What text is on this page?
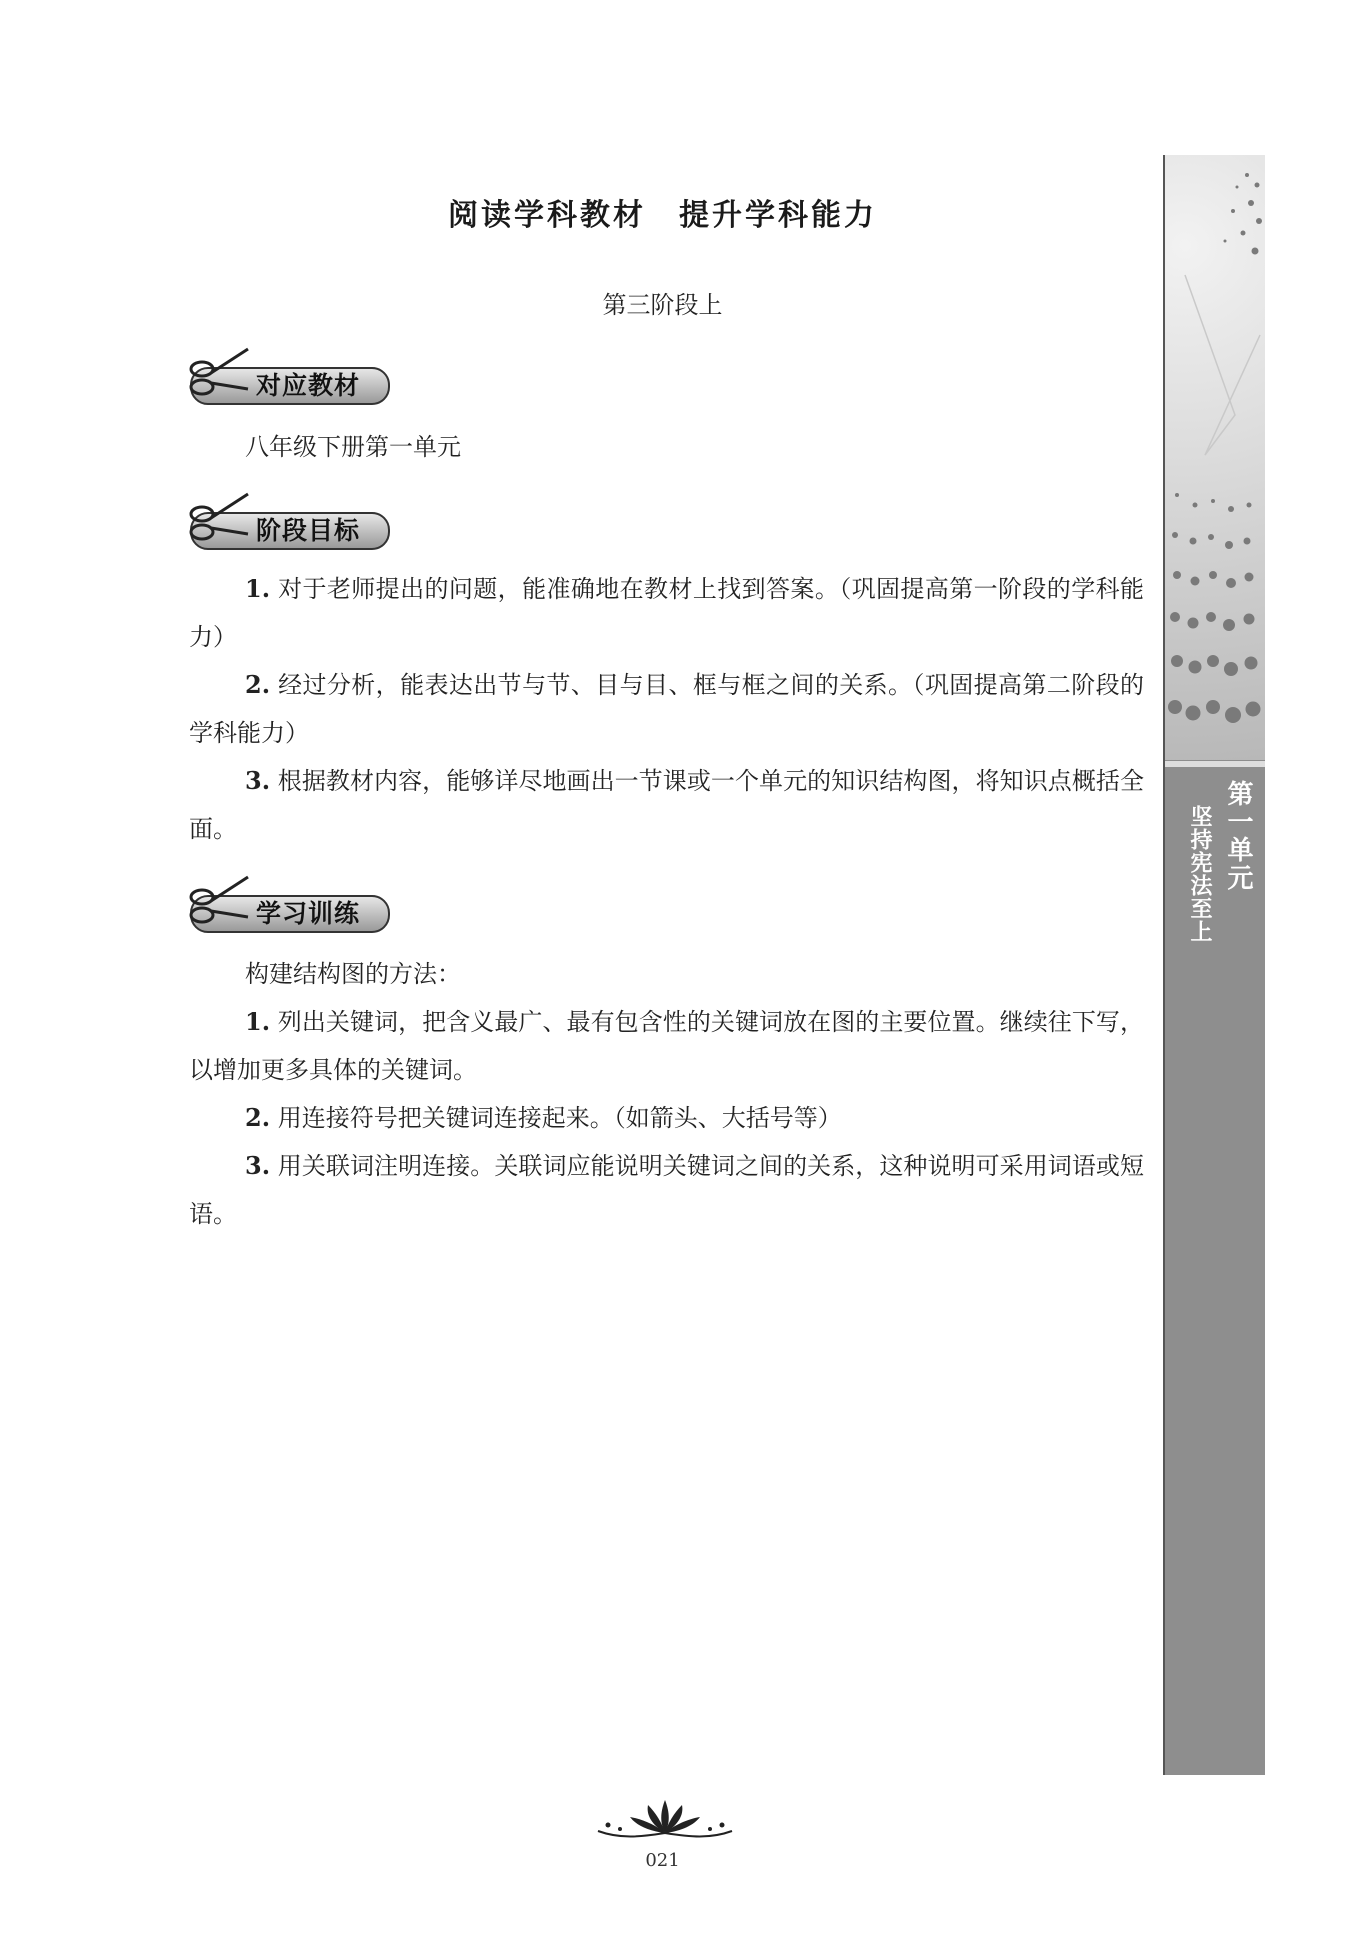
阅读学科教材　提升学科能力
第三阶段上
对应教材
八年级下册第一单元
阶段目标
1. 对于老师提出的问题，能准确地在教材上找到答案。（巩固提高第一阶段的学科能力）
2. 经过分析，能表达出节与节、目与目、框与框之间的关系。（巩固提高第二阶段的学科能力）
3. 根据教材内容，能够详尽地画出一节课或一个单元的知识结构图，将知识点概括全面。
学习训练
构建结构图的方法：
1. 列出关键词，把含义最广、最有包含性的关键词放在图的主要位置。继续往下写，以增加更多具体的关键词。
2. 用连接符号把关键词连接起来。（如箭头、大括号等）
3. 用关联词注明连接。关联词应能说明关键词之间的关系，这种说明可采用词语或短语。
第一单元
坚持宪法至上
021
